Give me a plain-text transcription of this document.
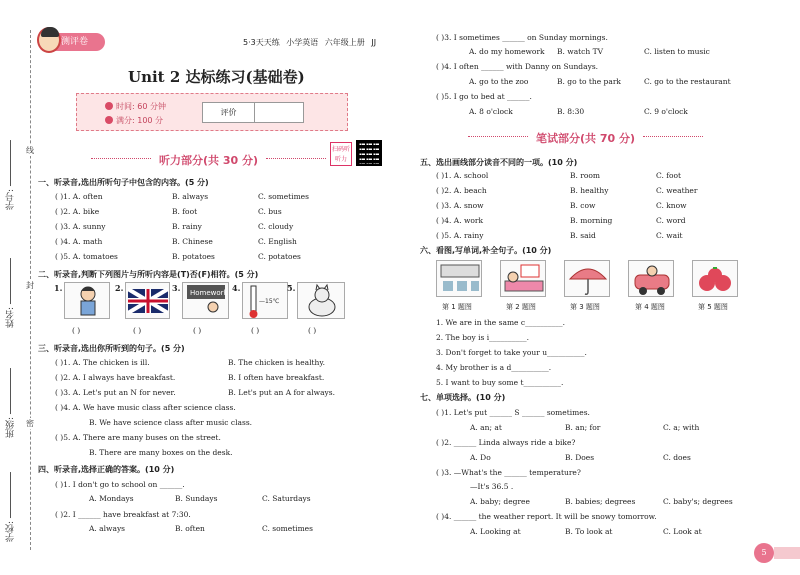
学号:
姓名:
班级:
学校:
线
封
密
测评卷	5·3天天练 小学英语 六年级上册 JJ
Unit 2 达标练习(基础卷)
时间: 60 分钟
满分: 100 分
评价
扫码听听力
听力部分(共 30 分)
一、听录音,选出所听句子中包含的内容。(5 分)
( )1. A. often	B. always	C. sometimes
( )2. A. bike	B. foot	C. bus
( )3. A. sunny	B. rainy	C. cloudy
( )4. A. math	B. Chinese	C. English
( )5. A. tomatoes	B. potatoes	C. potatoes
二、听录音,判断下列图片与所听内容是(T)否(F)相符。(5 分)
1.	2.	3. Homework 4.
—15℃
5.
( )	( )	( )	( )	( )
三、听录音,选出你所听到的句子。(5 分)
( )1. A. The chicken is ill.	B. The chicken is healthy.
( )2. A. I always have breakfast.	B. I often have breakfast.
( )3. A. Let's put an N for never.	B. Let's put an A for always.
( )4. A. We have music class after science class.
B. We have science class after music class.
( )5. A. There are many buses on the street.
B. There are many boxes on the desk.
四、听录音,选择正确的答案。(10 分)
( )1. I don't go to school on ______.
A. Mondays	B. Sundays	C. Saturdays
( )2. I ______ have breakfast at 7:30.
A. always	B. often	C. sometimes
( )3. I sometimes ______ on Sunday mornings.
A. do my homework B. watch TV	C. listen to music
( )4. I often ______ with Danny on Sundays.
A. go to the zoo	B. go to the park	C. go to the restaurant
( )5. I go to bed at ______.
A. 8 o'clock	B. 8:30	C. 9 o'clock
笔试部分(共 70 分)
五、选出画线部分读音不同的一项。(10 分)
( )1. A. school	B. room	C. foot
( )2. A. beach	B. healthy	C. weather
( )3. A. snow	B. cow	C. know
( )4. A. work	B. morning	C. word
( )5. A. rainy	B. said	C. wait
六、看图,写单词,补全句子。(10 分)
第 1 题图	第 2 题图	第 3 题图	第 4 题图	第 5 题图
1. We are in the same c__________.
2. The boy is i__________.
3. Don't forget to take your u__________.
4. My brother is a d__________.
5. I want to buy some t__________.
七、单项选择。(10 分)
( )1. Let's put ______ S ______ sometimes.
A. an; at	B. an; for	C. a; with
( )2. ______ Linda always ride a bike?
A. Do	B. Does	C. does
( )3. —What's the ______ temperature?
—It's 36.5 .
A. baby; degree	B. babies; degrees	C. baby's; degrees
( )4. ______ the weather report. It will be snowy tomorrow.
A. Looking at	B. To look at	C. Look at
5
